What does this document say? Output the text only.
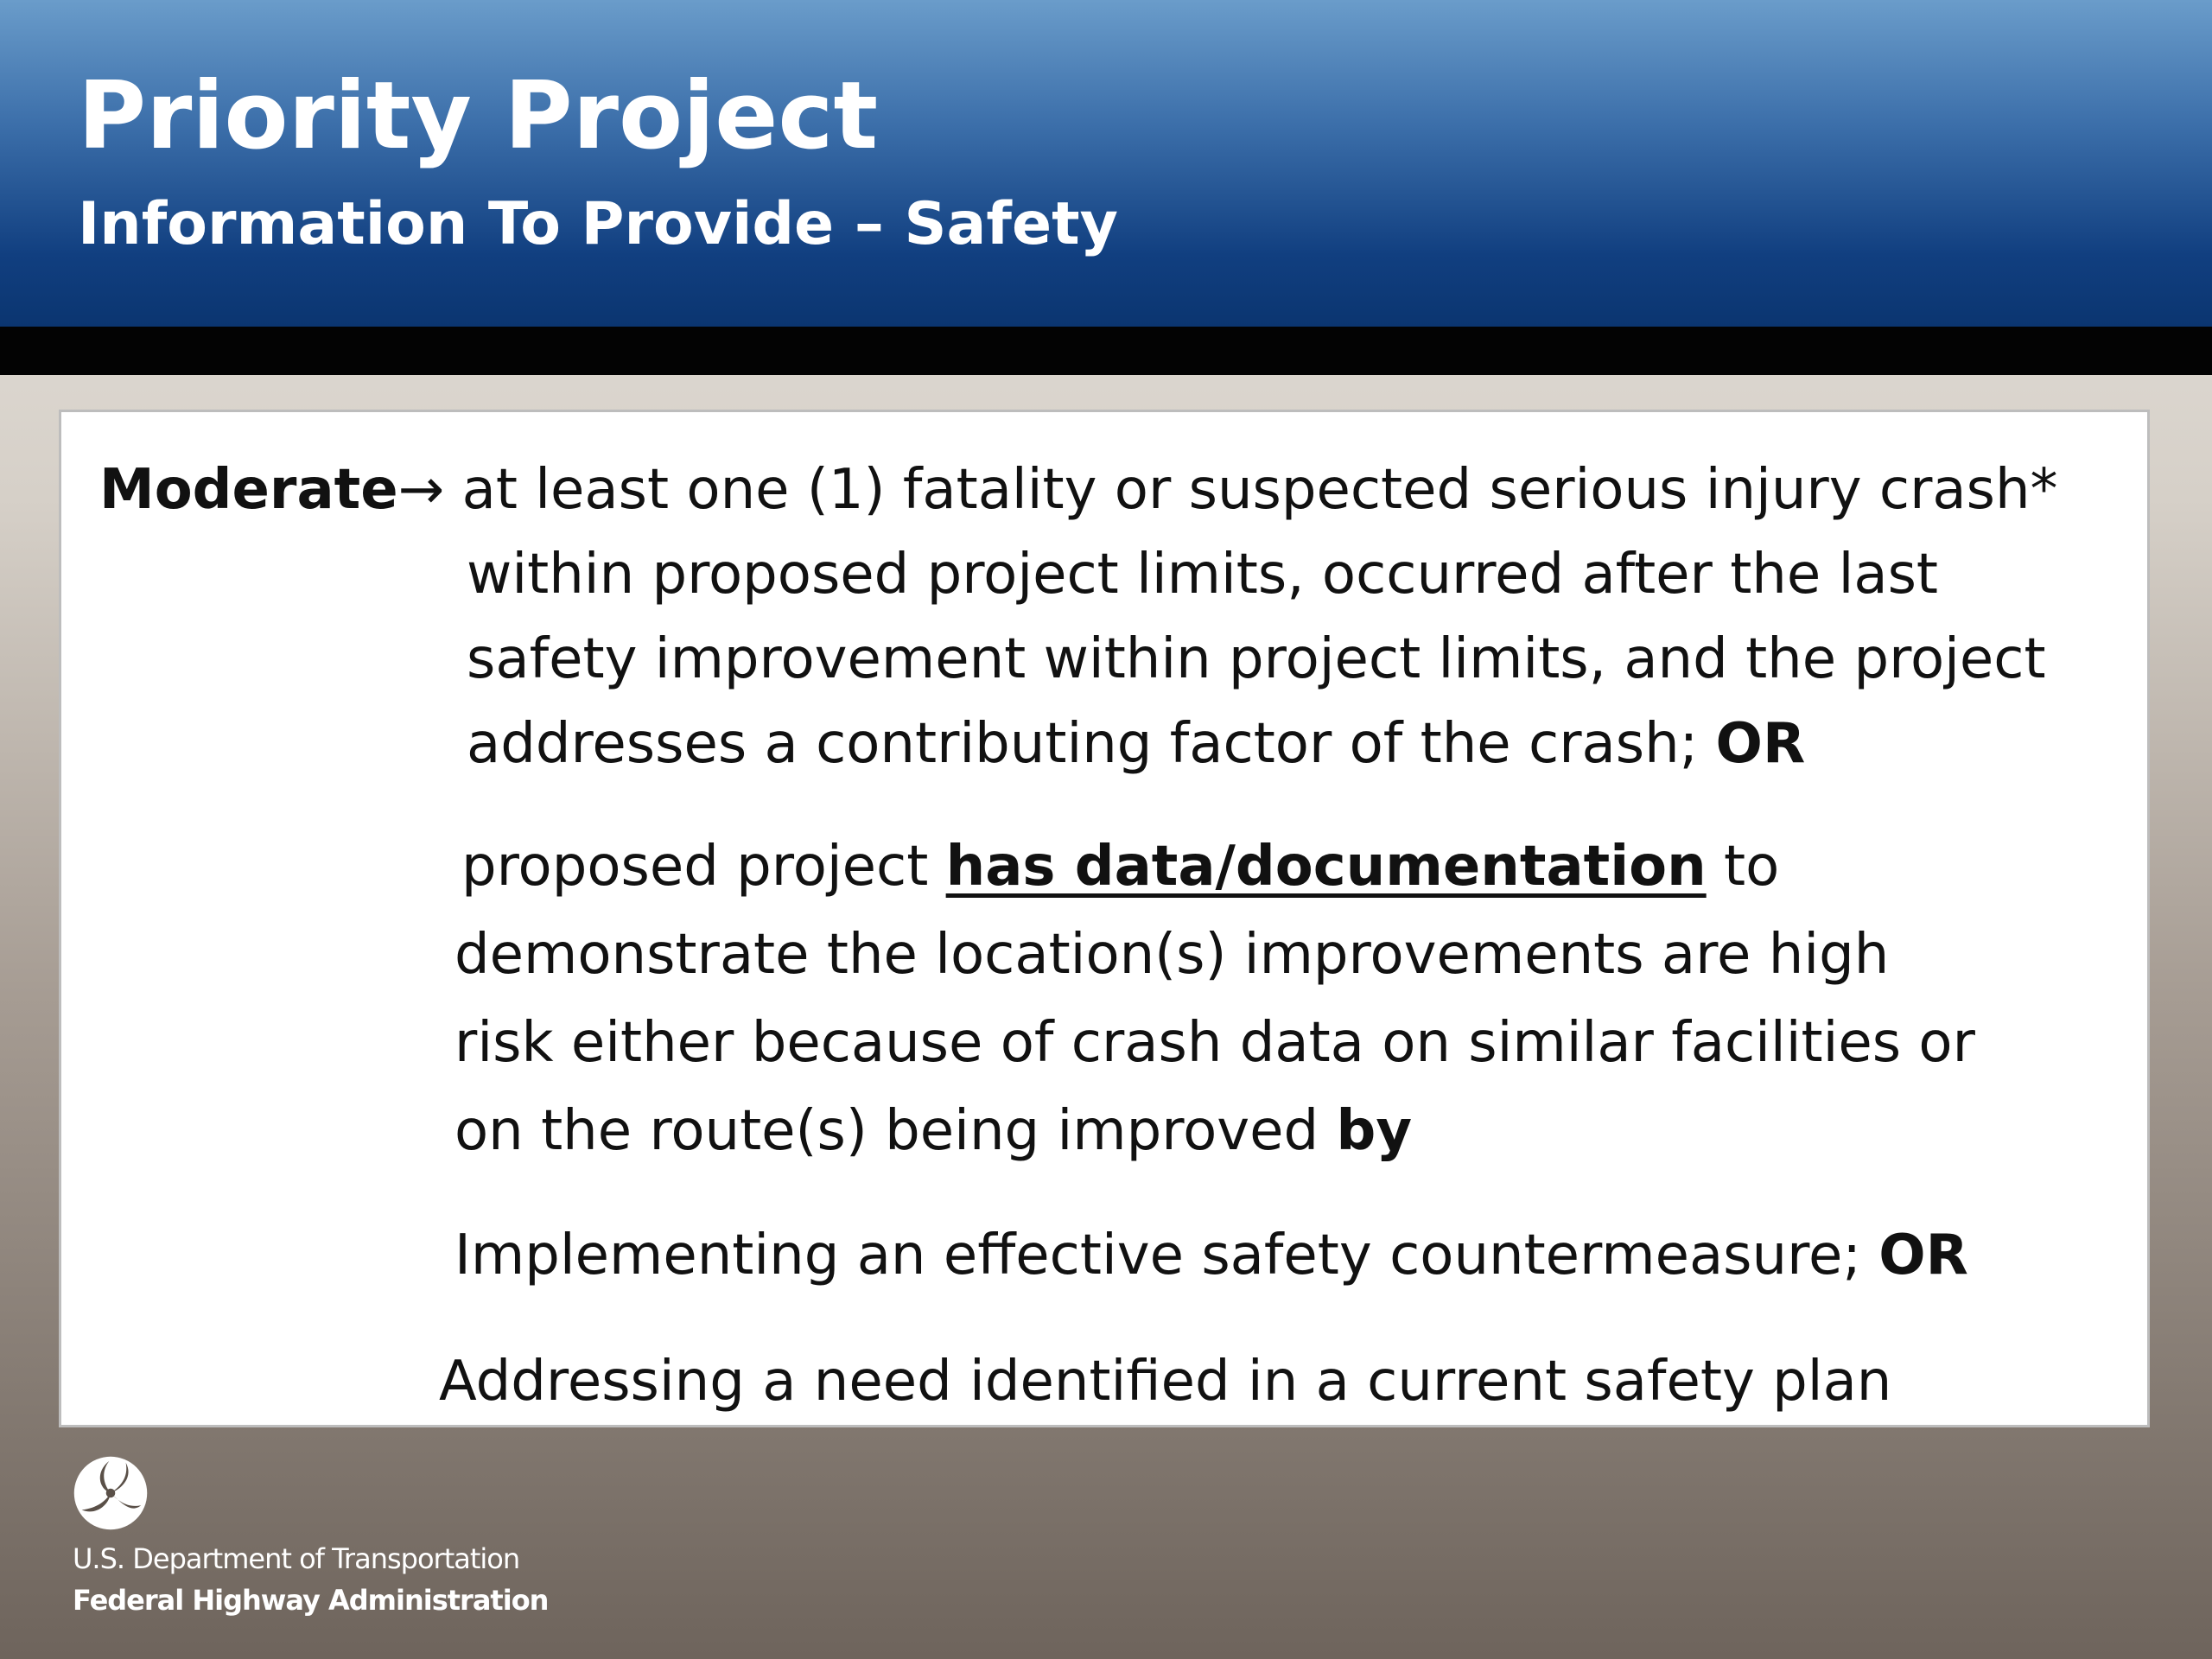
Priority Project
Information To Provide – Safety
Moderate→ at least one (1) fatality or suspected serious injury crash*
within proposed project limits, occurred after the last
safety improvement within project limits, and the project
addresses a contributing factor of the crash; OR
proposed project has data/documentation to
demonstrate the location(s) improvements are high
risk either because of crash data on similar facilities or
on the route(s) being improved by
Implementing an effective safety countermeasure; OR
Addressing a need identified in a current safety plan
U.S. Department of Transportation
Federal Highway Administration
